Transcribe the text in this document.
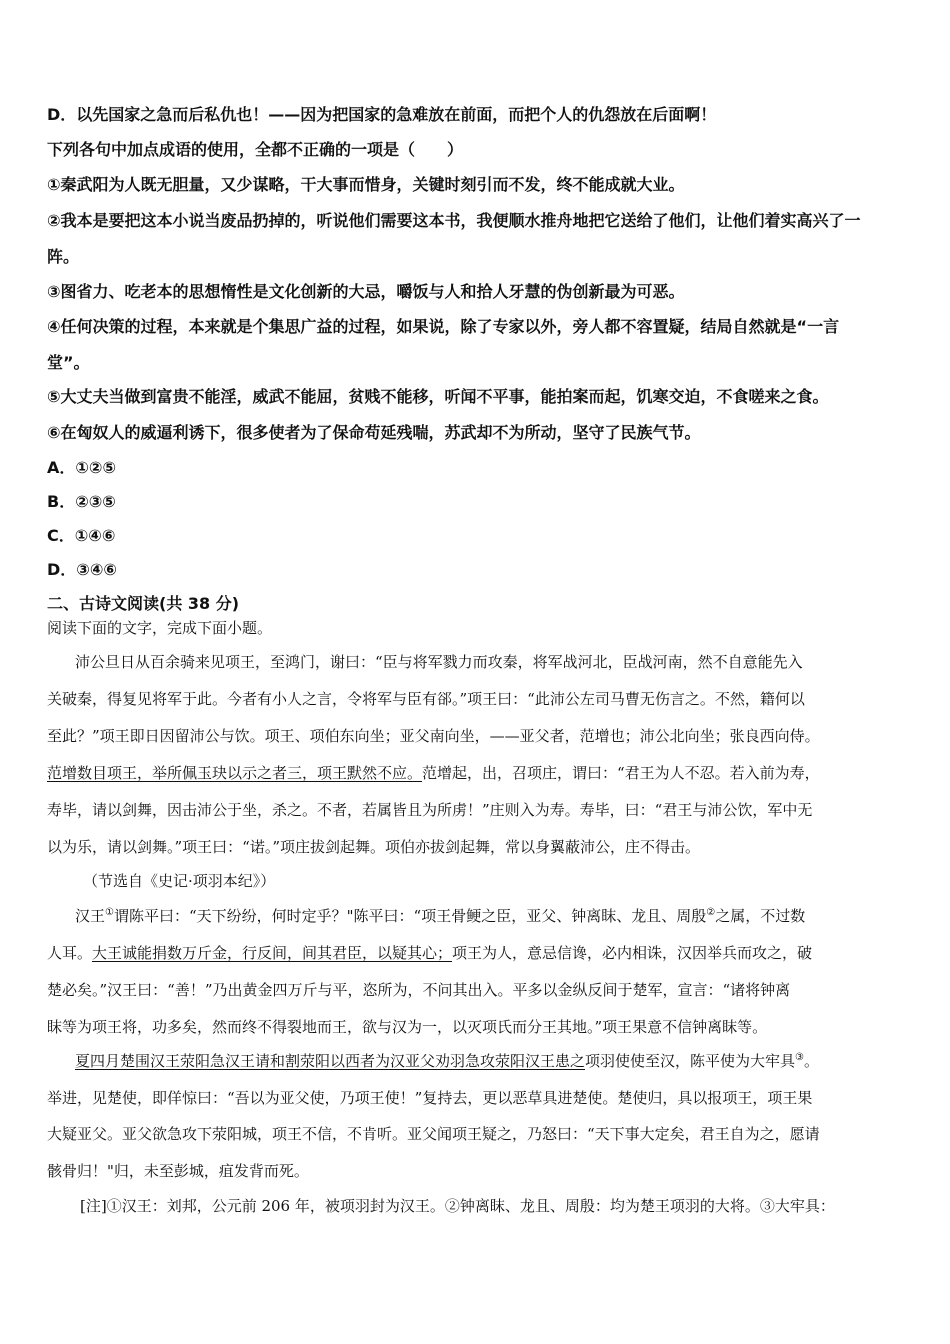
D．以先国家之急而后私仇也！——因为把国家的急难放在前面，而把个人的仇怨放在后面啊！
下列各句中加点成语的使用，全都不正确的一项是（　　）
①秦武阳为人既无胆量，又少谋略，干大事而惜身，关键时刻引而不发，终不能成就大业。
②我本是要把这本小说当废品扔掉的，听说他们需要这本书，我便顺水推舟地把它送给了他们，让他们着实高兴了一
阵。
③图省力、吃老本的思想惰性是文化创新的大忌，嚼饭与人和拾人牙慧的伪创新最为可恶。
④任何决策的过程，本来就是个集思广益的过程，如果说，除了专家以外，旁人都不容置疑，结局自然就是“一言
堂”。
⑤大丈夫当做到富贵不能淫，威武不能屈，贫贱不能移，听闻不平事，能拍案而起，饥寒交迫，不食嗟来之食。
⑥在匈奴人的威逼利诱下，很多使者为了保命苟延残喘，苏武却不为所动，坚守了民族气节。
A．①②⑤
B．②③⑤
C．①④⑥
D．③④⑥
二、古诗文阅读(共 38 分)
阅读下面的文字，完成下面小题。
沛公旦日从百余骑来见项王，至鸿门，谢曰：“臣与将军戮力而攻秦，将军战河北，臣战河南，然不自意能先入
关破秦，得复见将军于此。今者有小人之言，令将军与臣有郤。”项王曰：“此沛公左司马曹无伤言之。不然，籍何以
至此？”项王即日因留沛公与饮。项王、项伯东向坐；亚父南向坐，——亚父者，范增也；沛公北向坐；张良西向侍。
范增数目项王，举所佩玉玦以示之者三，项王默然不应。范增起，出，召项庄，谓曰：“君王为人不忍。若入前为寿，
寿毕，请以剑舞，因击沛公于坐，杀之。不者，若属皆且为所虏！”庄则入为寿。寿毕，曰：“君王与沛公饮，军中无
以为乐，请以剑舞。”项王曰：“诺。”项庄拔剑起舞。项伯亦拔剑起舞，常以身翼蔽沛公，庄不得击。
（节选自《史记·项羽本纪》）
汉王①谓陈平曰：“天下纷纷，何时定乎？"陈平曰：“项王骨鲠之臣，亚父、钟离眜、龙且、周殷②之属，不过数
人耳。大王诚能捐数万斤金，行反间，间其君臣，以疑其心；项王为人，意忌信谗，必内相诛，汉因举兵而攻之，破
楚必矣。”汉王曰：“善！”乃出黄金四万斤与平，恣所为，不问其出入。平多以金纵反间于楚军，宣言：“诸将钟离
眜等为项王将，功多矣，然而终不得裂地而王，欲与汉为一，以灭项氏而分王其地。”项王果意不信钟离眜等。
夏四月楚围汉王荥阳急汉王请和割荥阳以西者为汉亚父劝羽急攻荥阳汉王患之项羽使使至汉，陈平使为大牢具③。
举进，见楚使，即佯惊曰：“吾以为亚父使，乃项王使！”复持去，更以恶草具进楚使。楚使归，具以报项王，项王果
大疑亚父。亚父欲急攻下荥阳城，项王不信，不肯听。亚父闻项王疑之，乃怒曰：“天下事大定矣，君王自为之，愿请
骸骨归！"归，未至彭城，疽发背而死。
[注]①汉王：刘邦，公元前 206 年，被项羽封为汉王。②钟离眜、龙且、周殷：均为楚王项羽的大将。③大牢具：
